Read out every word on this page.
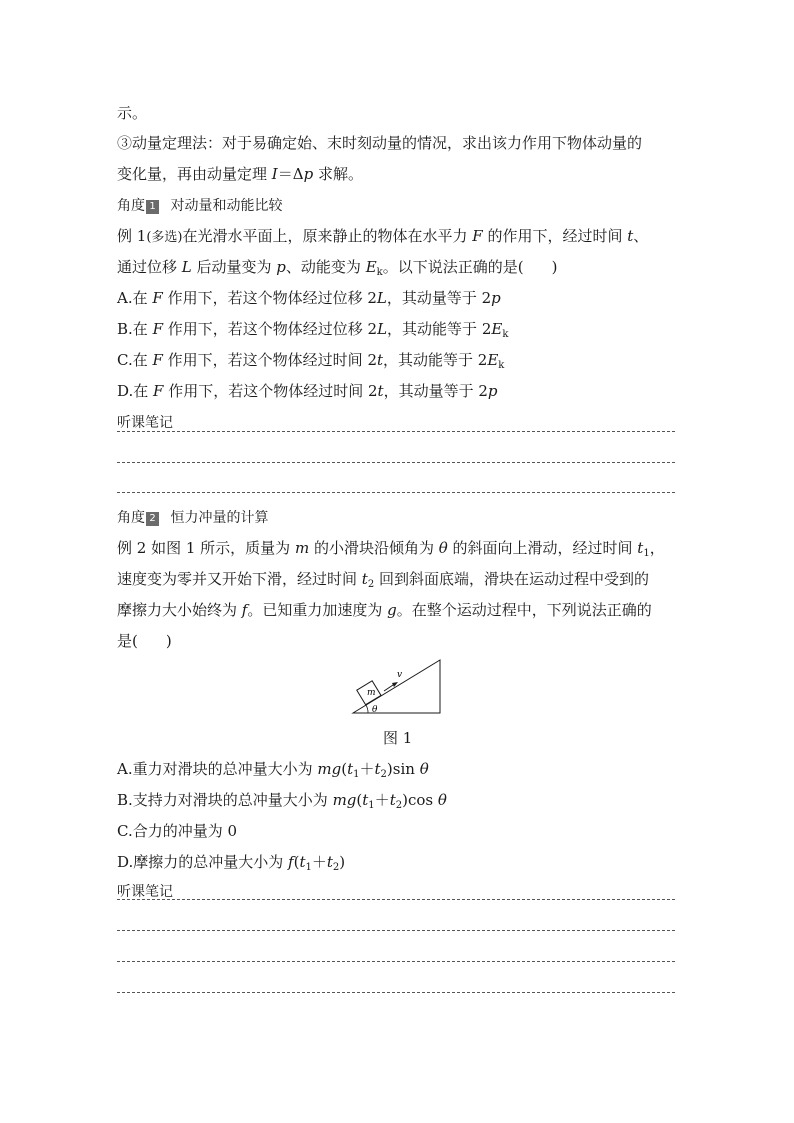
示。
③动量定理法：对于易确定始、末时刻动量的情况，求出该力作用下物体动量的
变化量，再由动量定理 I＝Δp 求解。
角度 1 对动量和动能比较
例 1(多选)在光滑水平面上，原来静止的物体在水平力 F 的作用下，经过时间 t、
通过位移 L 后动量变为 p、动能变为 $E_k$。以下说法正确的是( )
A.在 F 作用下，若这个物体经过位移 2L，其动量等于 2p
B.在 F 作用下，若这个物体经过位移 2L，其动能等于 $2E_k$
C.在 F 作用下，若这个物体经过时间 2t，其动能等于 $2E_k$
D.在 F 作用下，若这个物体经过时间 2t，其动量等于 2p
听课笔记
角度 2 恒力冲量的计算
例 2 如图 1 所示，质量为 m 的小滑块沿倾角为 θ 的斜面向上滑动，经过时间 $t_1$，
速度变为零并又开始下滑，经过时间 $t_2$ 回到斜面底端，滑块在运动过程中受到的
摩擦力大小始终为 f。已知重力加速度为 g。在整个运动过程中，下列说法正确的
是( )
v
m
θ
图 1
A.重力对滑块的总冲量大小为 $mg(t_1+t_2)\sin$ θ
B.支持力对滑块的总冲量大小为 $mg(t_1+t_2)\cos$ θ
C.合力的冲量为 0
D.摩擦力的总冲量大小为 $f(t_1+t_2)$
听课笔记
